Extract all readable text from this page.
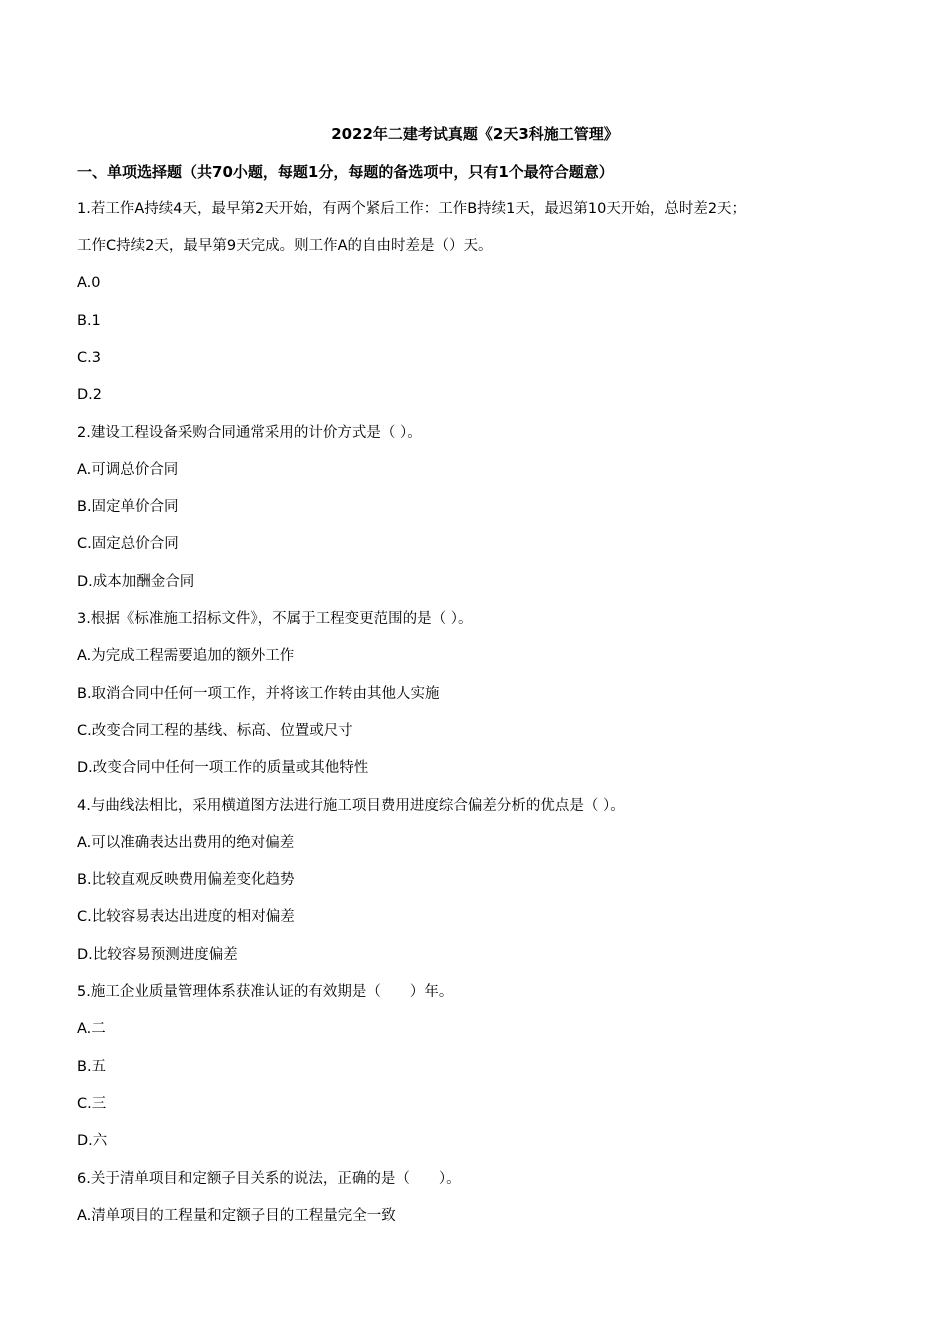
2022年二建考试真题《2天3科施工管理》
一、单项选择题（共70小题，每题1分，每题的备选项中，只有1个最符合题意）
1.若工作A持续4天，最早第2天开始，有两个紧后工作：工作B持续1天，最迟第10天开始，总时差2天；
工作C持续2天，最早第9天完成。则工作A的自由时差是（）天。
A.0
B.1
C.3
D.2
2.建设工程设备采购合同通常采用的计价方式是（ ）。
A.可调总价合同
B.固定单价合同
C.固定总价合同
D.成本加酬金合同
3.根据《标准施工招标文件》，不属于工程变更范围的是（ ）。
A.为完成工程需要追加的额外工作
B.取消合同中任何一项工作，并将该工作转由其他人实施
C.改变合同工程的基线、标高、位置或尺寸
D.改变合同中任何一项工作的质量或其他特性
4.与曲线法相比，采用横道图方法进行施工项目费用进度综合偏差分析的优点是（ ）。
A.可以准确表达出费用的绝对偏差
B.比较直观反映费用偏差变化趋势
C.比较容易表达出进度的相对偏差
D.比较容易预测进度偏差
5.施工企业质量管理体系获准认证的有效期是（　　）年。
A.二
B.五
C.三
D.六
6.关于清单项目和定额子目关系的说法，正确的是（　　）。
A.清单项目的工程量和定额子目的工程量完全一致
